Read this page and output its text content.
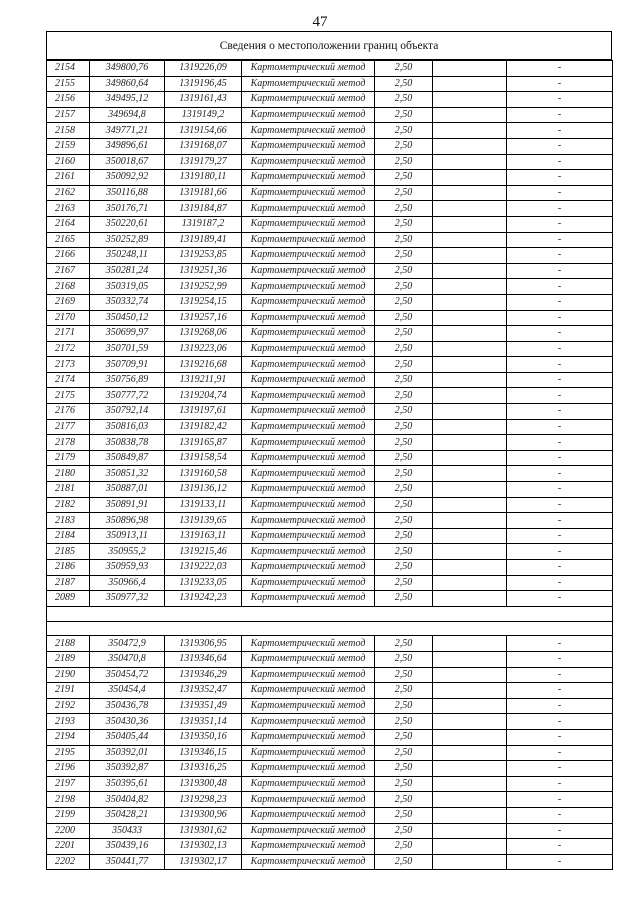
47
Сведения о местоположении границ объекта
2154	349800,76	1319226,09	Картометрический метод	2,50		-
2155	349860,64	1319196,45	Картометрический метод	2,50		-
2156	349495,12	1319161,43	Картометрический метод	2,50		-
2157	349694,8	1319149,2	Картометрический метод	2,50		-
2158	349771,21	1319154,66	Картометрический метод	2,50		-
2159	349896,61	1319168,07	Картометрический метод	2,50		-
2160	350018,67	1319179,27	Картометрический метод	2,50		-
2161	350092,92	1319180,11	Картометрический метод	2,50		-
2162	350116,88	1319181,66	Картометрический метод	2,50		-
2163	350176,71	1319184,87	Картометрический метод	2,50		-
2164	350220,61	1319187,2	Картометрический метод	2,50		-
2165	350252,89	1319189,41	Картометрический метод	2,50		-
2166	350248,11	1319253,85	Картометрический метод	2,50		-
2167	350281,24	1319251,36	Картометрический метод	2,50		-
2168	350319,05	1319252,99	Картометрический метод	2,50		-
2169	350332,74	1319254,15	Картометрический метод	2,50		-
2170	350450,12	1319257,16	Картометрический метод	2,50		-
2171	350699,97	1319268,06	Картометрический метод	2,50		-
2172	350701,59	1319223,06	Картометрический метод	2,50		-
2173	350709,91	1319216,68	Картометрический метод	2,50		-
2174	350756,89	1319211,91	Картометрический метод	2,50		-
2175	350777,72	1319204,74	Картометрический метод	2,50		-
2176	350792,14	1319197,61	Картометрический метод	2,50		-
2177	350816,03	1319182,42	Картометрический метод	2,50		-
2178	350838,78	1319165,87	Картометрический метод	2,50		-
2179	350849,87	1319158,54	Картометрический метод	2,50		-
2180	350851,32	1319160,58	Картометрический метод	2,50		-
2181	350887,01	1319136,12	Картометрический метод	2,50		-
2182	350891,91	1319133,11	Картометрический метод	2,50		-
2183	350896,98	1319139,65	Картометрический метод	2,50		-
2184	350913,11	1319163,11	Картометрический метод	2,50		-
2185	350955,2	1319215,46	Картометрический метод	2,50		-
2186	350959,93	1319222,03	Картометрический метод	2,50		-
2187	350966,4	1319233,05	Картометрический метод	2,50		-
2089	350977,32	1319242,23	Картометрический метод	2,50		-

2188	350472,9	1319306,95	Картометрический метод	2,50		-
2189	350470,8	1319346,64	Картометрический метод	2,50		-
2190	350454,72	1319346,29	Картометрический метод	2,50		-
2191	350454,4	1319352,47	Картометрический метод	2,50		-
2192	350436,78	1319351,49	Картометрический метод	2,50		-
2193	350430,36	1319351,14	Картометрический метод	2,50		-
2194	350405,44	1319350,16	Картометрический метод	2,50		-
2195	350392,01	1319346,15	Картометрический метод	2,50		-
2196	350392,87	1319316,25	Картометрический метод	2,50		-
2197	350395,61	1319300,48	Картометрический метод	2,50		-
2198	350404,82	1319298,23	Картометрический метод	2,50		-
2199	350428,21	1319300,96	Картометрический метод	2,50		-
2200	350433	1319301,62	Картометрический метод	2,50		-
2201	350439,16	1319302,13	Картометрический метод	2,50		-
2202	350441,77	1319302,17	Картометрический метод	2,50		-
